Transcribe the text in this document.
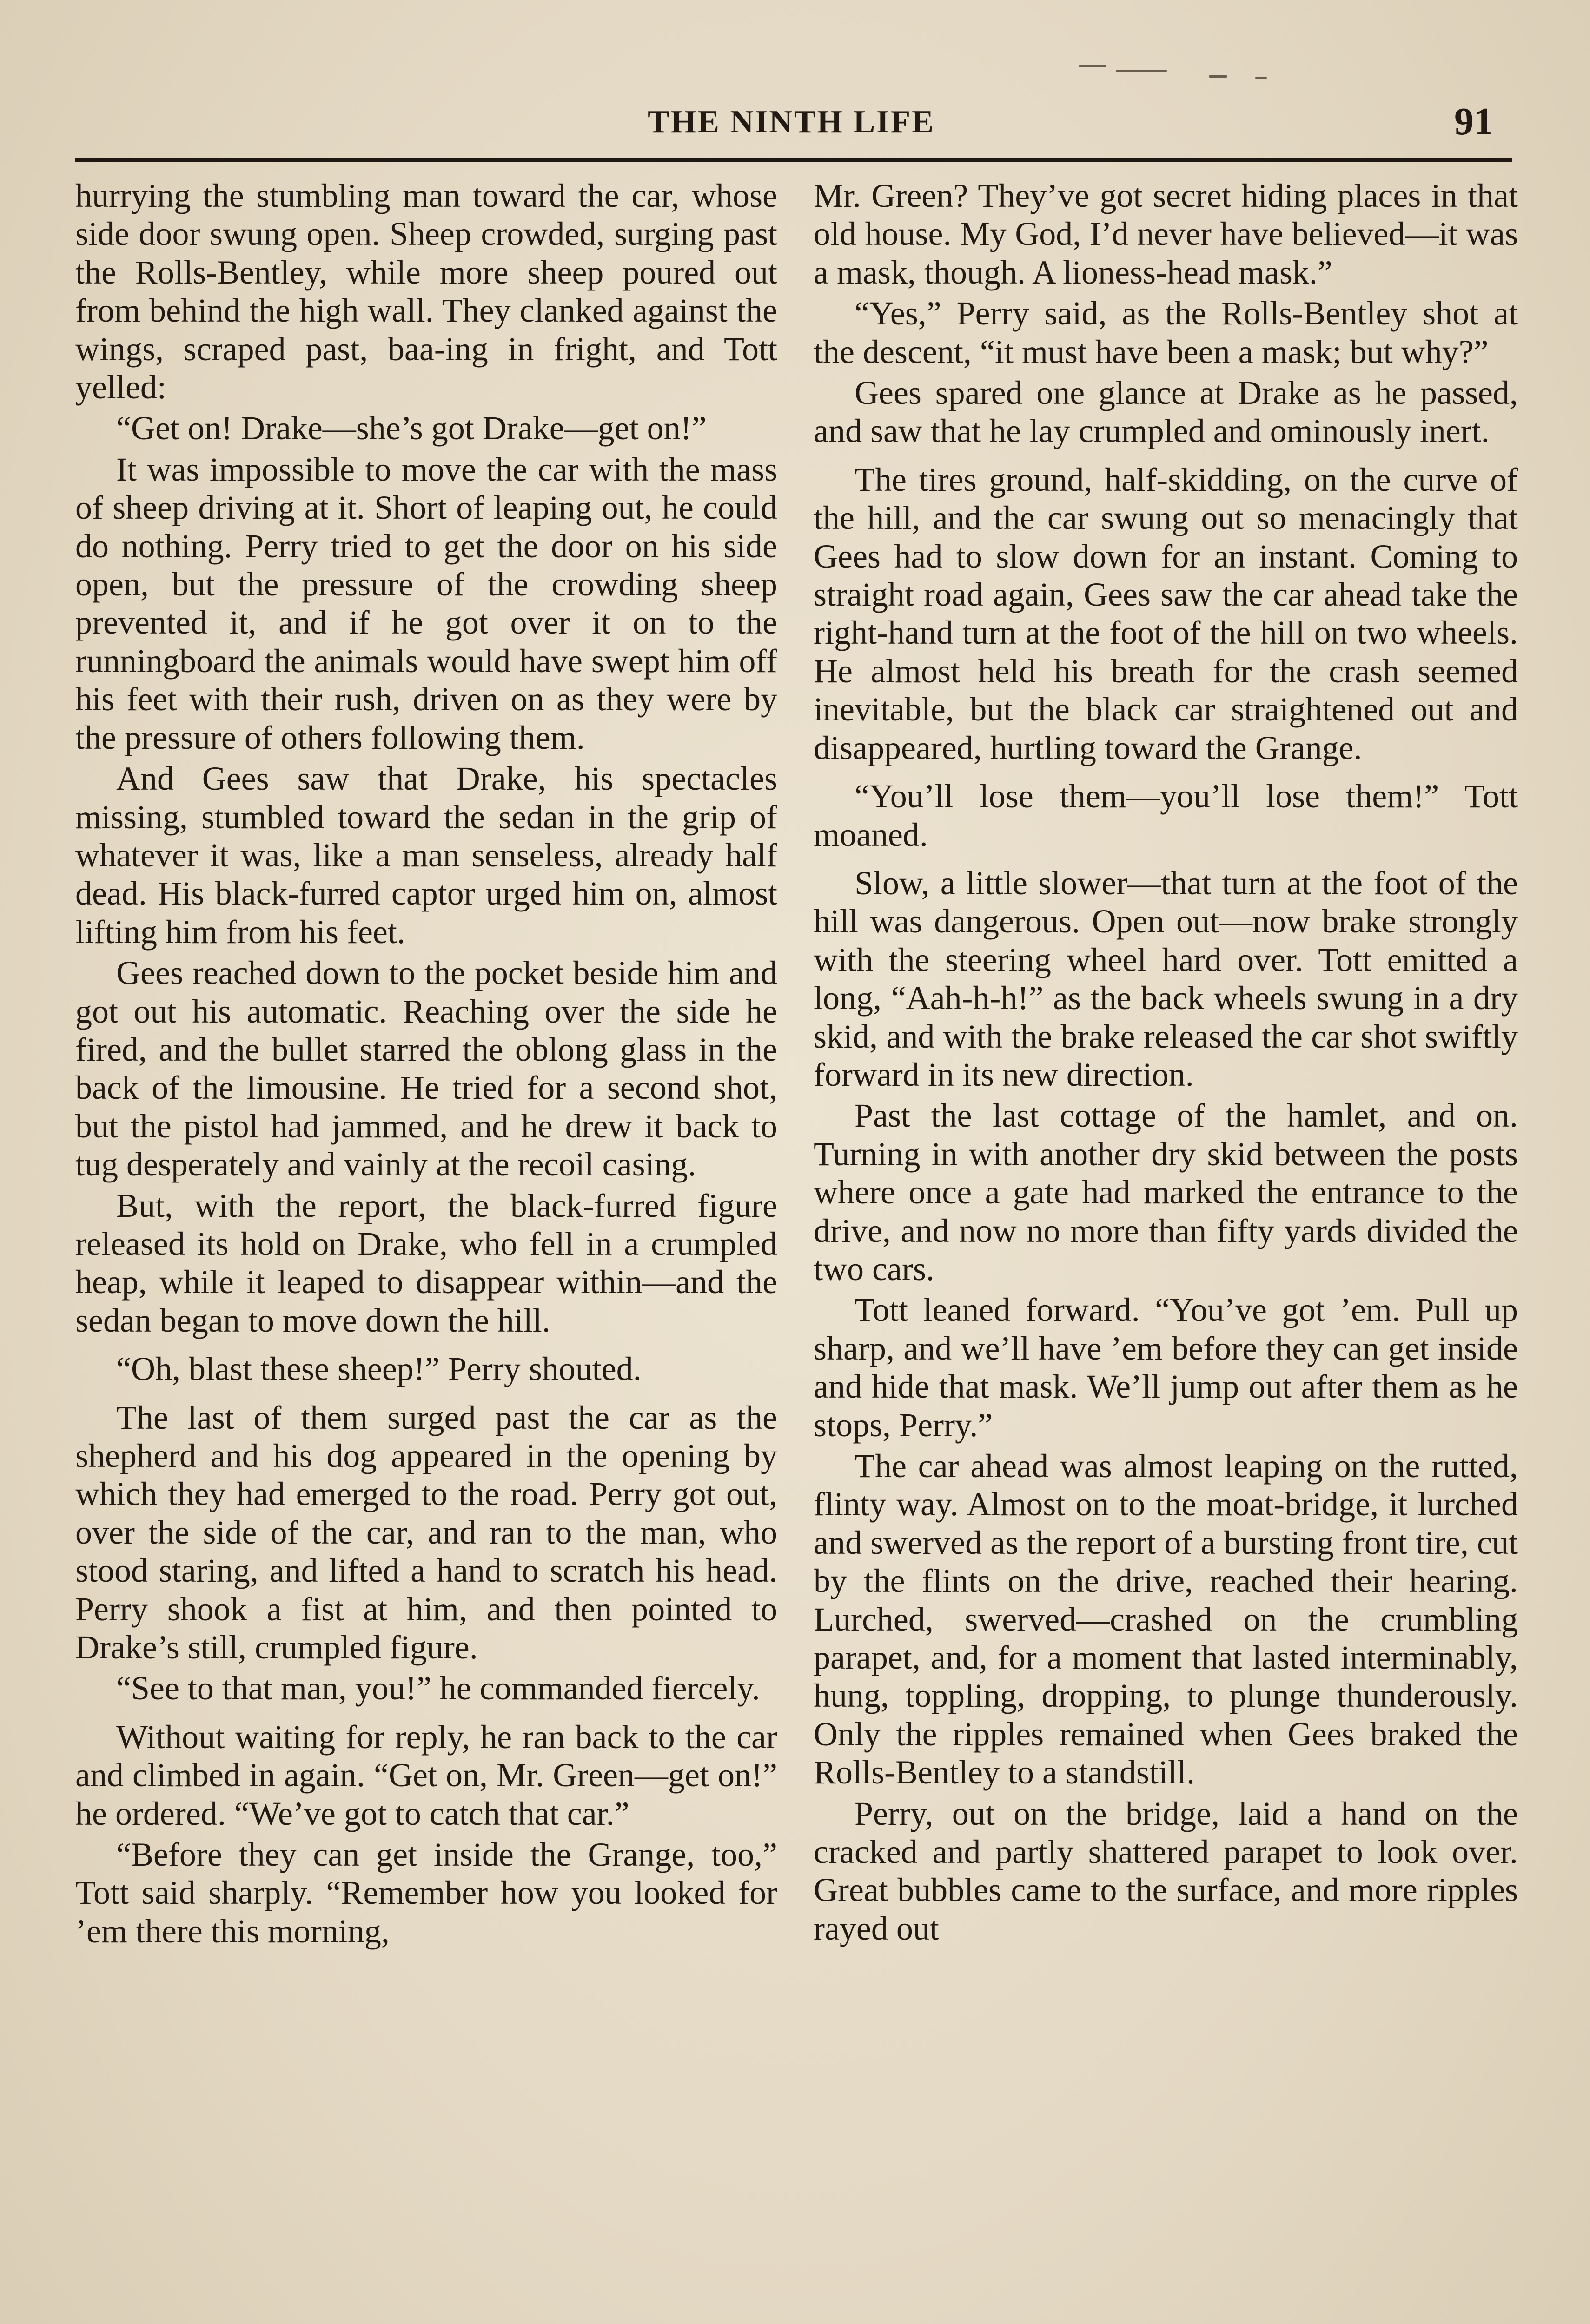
THE NINTH LIFE	91

hurrying the stumbling man toward the car, whose side door swung open. Sheep crowded, surging past the Rolls-Bentley, while more sheep poured out from behind the high wall. They clanked against the wings, scraped past, baa-ing in fright, and Tott yelled:

“Get on! Drake—she’s got Drake—get on!”

It was impossible to move the car with the mass of sheep driving at it. Short of leaping out, he could do nothing. Perry tried to get the door on his side open, but the pressure of the crowding sheep prevented it, and if he got over it on to the runningboard the animals would have swept him off his feet with their rush, driven on as they were by the pressure of others following them.

And Gees saw that Drake, his spectacles missing, stumbled toward the sedan in the grip of whatever it was, like a man senseless, already half dead. His black-furred captor urged him on, almost lifting him from his feet.

Gees reached down to the pocket beside him and got out his automatic. Reaching over the side he fired, and the bullet starred the oblong glass in the back of the limousine. He tried for a second shot, but the pistol had jammed, and he drew it back to tug desperately and vainly at the recoil casing.

But, with the report, the black-furred figure released its hold on Drake, who fell in a crumpled heap, while it leaped to disappear within—and the sedan began to move down the hill.

“Oh, blast these sheep!” Perry shouted.

The last of them surged past the car as the shepherd and his dog appeared in the opening by which they had emerged to the road. Perry got out, over the side of the car, and ran to the man, who stood staring, and lifted a hand to scratch his head. Perry shook a fist at him, and then pointed to Drake’s still, crumpled figure.

“See to that man, you!” he commanded fiercely.

Without waiting for reply, he ran back to the car and climbed in again. “Get on, Mr. Green—get on!” he ordered. “We’ve got to catch that car.”

“Before they can get inside the Grange, too,” Tott said sharply. “Remember how you looked for ’em there this morning,

Mr. Green? They’ve got secret hiding places in that old house. My God, I’d never have believed—it was a mask, though. A lioness-head mask.”

“Yes,” Perry said, as the Rolls-Bentley shot at the descent, “it must have been a mask; but why?”

Gees spared one glance at Drake as he passed, and saw that he lay crumpled and ominously inert.

The tires ground, half-skidding, on the curve of the hill, and the car swung out so menacingly that Gees had to slow down for an instant. Coming to straight road again, Gees saw the car ahead take the right-hand turn at the foot of the hill on two wheels. He almost held his breath for the crash seemed inevitable, but the black car straightened out and disappeared, hurtling toward the Grange.

“You’ll lose them—you’ll lose them!” Tott moaned.

Slow, a little slower—that turn at the foot of the hill was dangerous. Open out—now brake strongly with the steering wheel hard over. Tott emitted a long, “Aah-h-h!” as the back wheels swung in a dry skid, and with the brake released the car shot swiftly forward in its new direction.

Past the last cottage of the hamlet, and on. Turning in with another dry skid between the posts where once a gate had marked the entrance to the drive, and now no more than fifty yards divided the two cars.

Tott leaned forward. “You’ve got ’em. Pull up sharp, and we’ll have ’em before they can get inside and hide that mask. We’ll jump out after them as he stops, Perry.”

The car ahead was almost leaping on the rutted, flinty way. Almost on to the moat-bridge, it lurched and swerved as the report of a bursting front tire, cut by the flints on the drive, reached their hearing. Lurched, swerved—crashed on the crumbling parapet, and, for a moment that lasted interminably, hung, toppling, dropping, to plunge thunderously. Only the ripples remained when Gees braked the Rolls-Bentley to a standstill.

Perry, out on the bridge, laid a hand on the cracked and partly shattered parapet to look over. Great bubbles came to the surface, and more ripples rayed out
